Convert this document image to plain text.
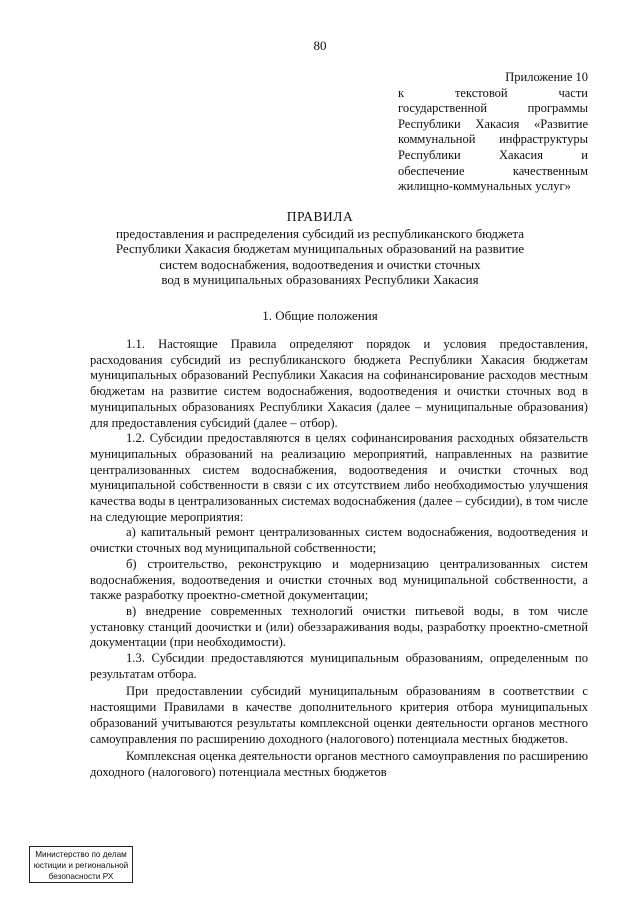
80
Приложение 10
к текстовой части
государственной программы
Республики Хакасия «Развитие
коммунальной инфраструктуры
Республики Хакасия и
обеспечение качественным
жилищно-коммунальных услуг»
ПРАВИЛА
предоставления и распределения субсидий из республиканского бюджета
Республики Хакасия бюджетам муниципальных образований на развитие
систем водоснабжения, водоотведения и очистки сточных
вод в муниципальных образованиях Республики Хакасия
1. Общие положения

1.1. Настоящие Правила определяют порядок и условия предоставления, расходования субсидий из республиканского бюджета Республики Хакасия бюджетам муниципальных образований Республики Хакасия на софинансирование расходов местным бюджетам на развитие систем водоснабжения, водоотведения и очистки сточных вод в муниципальных образованиях Республики Хакасия (далее – муниципальные образования) для предоставления субсидий (далее – отбор).

1.2. Субсидии предоставляются в целях софинансирования расходных обязательств муниципальных образований на реализацию мероприятий, направленных на развитие централизованных систем водоснабжения, водоотведения и очистки сточных вод муниципальной собственности в связи с их отсутствием либо необходимостью улучшения качества воды в централизованных системах водоснабжения (далее – субсидии), в том числе на следующие мероприятия:

а) капитальный ремонт централизованных систем водоснабжения, водоотведения и очистки сточных вод муниципальной собственности;

б) строительство, реконструкцию и модернизацию централизованных систем водоснабжения, водоотведения и очистки сточных вод муниципальной собственности, а также разработку проектно-сметной документации;

в) внедрение современных технологий очистки питьевой воды, в том числе установку станций доочистки и (или) обеззараживания воды, разработку проектно-сметной документации (при необходимости).

1.3. Субсидии предоставляются муниципальным образованиям, определенным по результатам отбора.

При предоставлении субсидий муниципальным образованиям в соответствии с настоящими Правилами в качестве дополнительного критерия отбора муниципальных образований учитываются результаты комплексной оценки деятельности органов местного самоуправления по расширению доходного (налогового) потенциала местных бюджетов.

Комплексная оценка деятельности органов местного самоуправления по расширению доходного (налогового) потенциала местных бюджетов

Министерство по делам
юстиции и региональной
безопасности РХ
